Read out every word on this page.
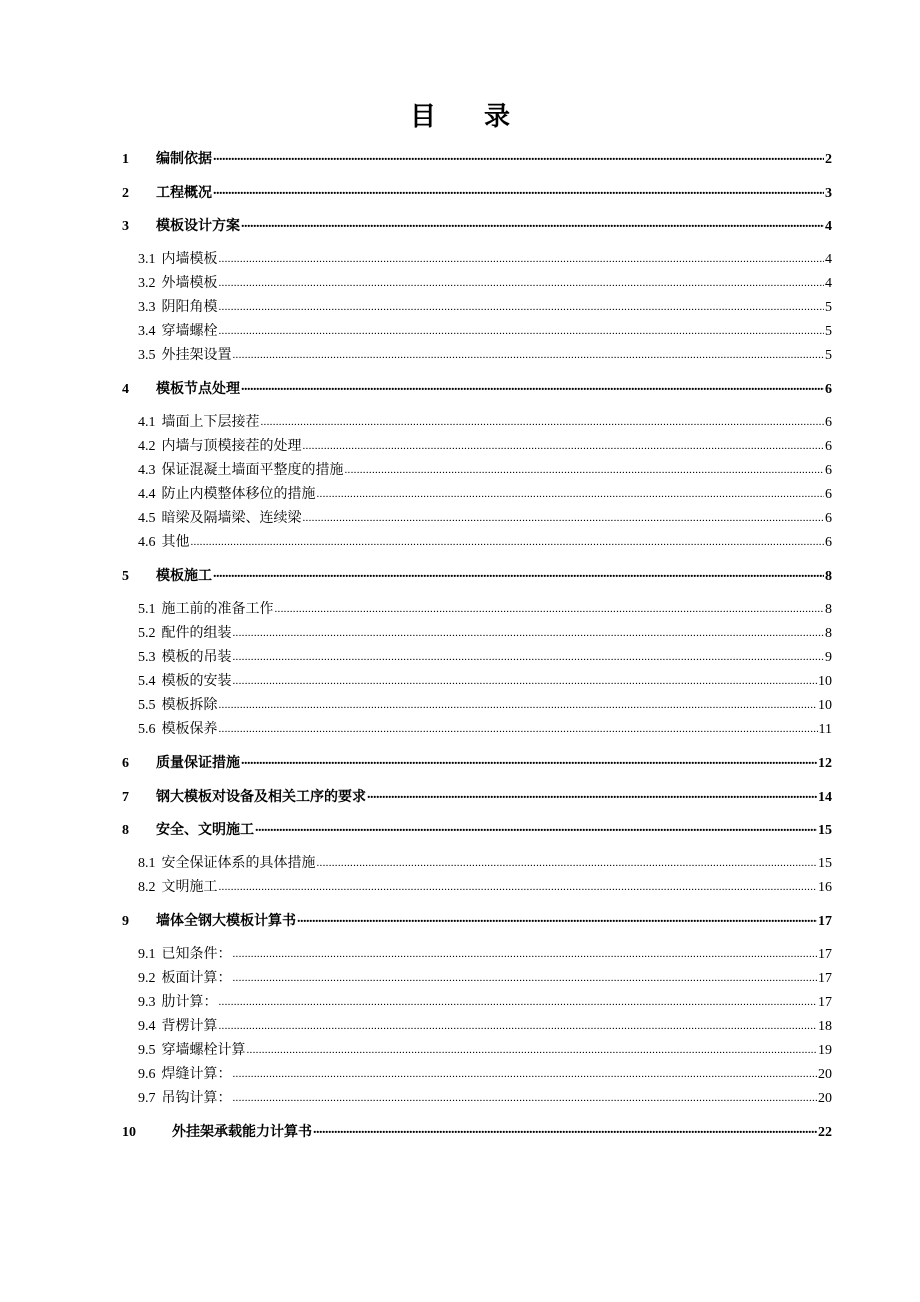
目 录
1	编制依据 .....	2
2	工程概况 .....	3
3	模板设计方案 .....	4
3.1 内墙模板 .....	4
3.2 外墙模板 .....	4
3.3 阴阳角模 .....	5
3.4 穿墙螺栓 .....	5
3.5 外挂架设置 .....	5
4	模板节点处理 .....	6
4.1 墙面上下层接茬 .....	6
4.2 内墙与顶模接茬的处理 .....	6
4.3 保证混凝土墙面平整度的措施 .....	6
4.4 防止内模整体移位的措施 .....	6
4.5 暗梁及隔墙梁、连续梁 .....	6
4.6 其他 .....	6
5	模板施工 .....	8
5.1 施工前的准备工作 .....	8
5.2 配件的组装 .....	8
5.3 模板的吊装 .....	9
5.4 模板的安装 .....	10
5.5 模板拆除 .....	10
5.6 模板保养 .....	11
6	质量保证措施 .....	12
7	钢大模板对设备及相关工序的要求 .....	14
8	安全、文明施工 .....	15
8.1 安全保证体系的具体措施 .....	15
8.2 文明施工 .....	16
9	墙体全钢大模板计算书 .....	17
9.1 已知条件： .....	17
9.2 板面计算： .....	17
9.3 肋计算： .....	17
9.4 背楞计算 .....	18
9.5 穿墙螺栓计算 .....	19
9.6 焊缝计算： .....	20
9.7 吊钩计算： .....	20
10	外挂架承载能力计算书 .....	22
